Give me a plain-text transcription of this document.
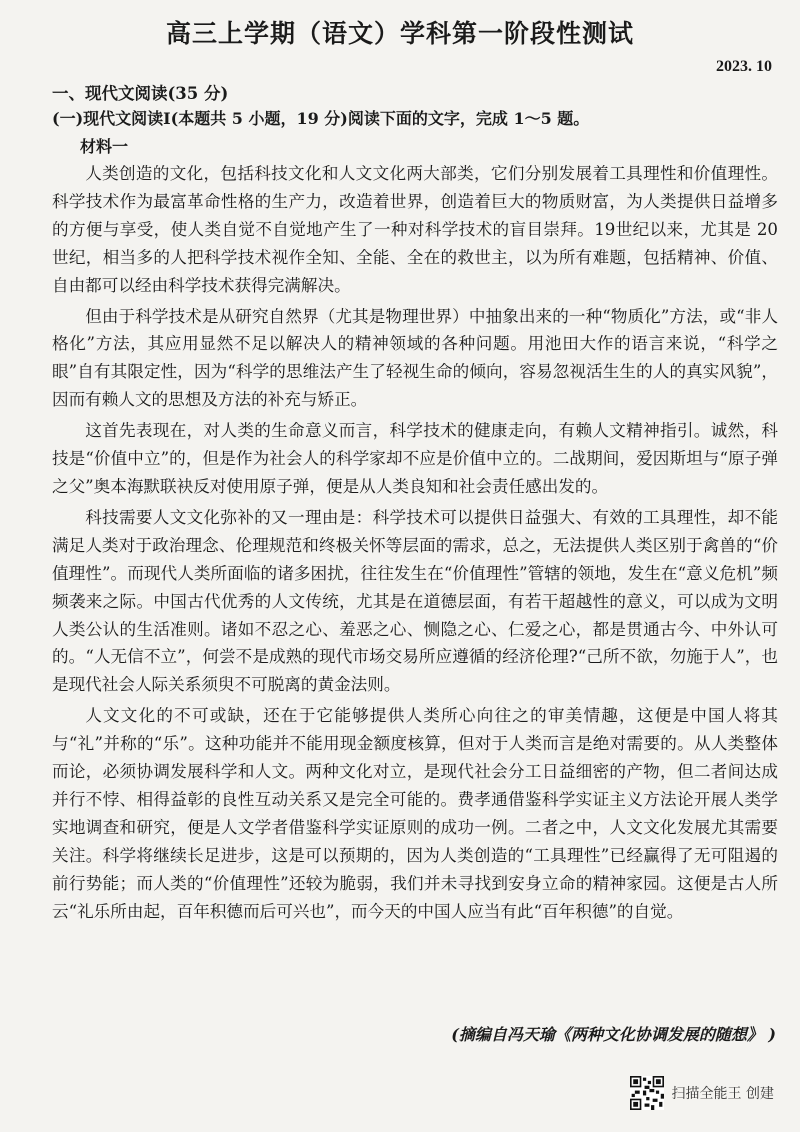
高三上学期（语文）学科第一阶段性测试
2023. 10
一、现代文阅读(35 分)
(一)现代文阅读Ⅰ(本题共 5 小题，19 分)阅读下面的文字，完成 1～5 题。
材料一

人类创造的文化，包括科技文化和人文文化两大部类，它们分别发展着工具理性和价值理性。科学技术作为最富革命性格的生产力，改造着世界，创造着巨大的物质财富，为人类提供日益增多的方便与享受，使人类自觉不自觉地产生了一种对科学技术的盲目崇拜。19世纪以来，尤其是 20 世纪，相当多的人把科学技术视作全知、全能、全在的救世主，以为所有难题，包括精神、价值、自由都可以经由科学技术获得完满解决。

但由于科学技术是从研究自然界（尤其是物理世界）中抽象出来的一种“物质化”方法，或“非人格化”方法，其应用显然不足以解决人的精神领域的各种问题。用池田大作的语言来说，“科学之眼”自有其限定性，因为“科学的思维法产生了轻视生命的倾向，容易忽视活生生的人的真实风貌”，因而有赖人文的思想及方法的补充与矫正。

这首先表现在，对人类的生命意义而言，科学技术的健康走向，有赖人文精神指引。诚然，科技是“价值中立”的，但是作为社会人的科学家却不应是价值中立的。二战期间，爱因斯坦与“原子弹之父”奥本海默联袂反对使用原子弹，便是从人类良知和社会责任感出发的。

科技需要人文文化弥补的又一理由是：科学技术可以提供日益强大、有效的工具理性，却不能满足人类对于政治理念、伦理规范和终极关怀等层面的需求，总之，无法提供人类区别于禽兽的“价值理性”。而现代人类所面临的诸多困扰，往往发生在“价值理性”管辖的领地，发生在“意义危机”频频袭来之际。中国古代优秀的人文传统，尤其是在道德层面，有若干超越性的意义，可以成为文明人类公认的生活准则。诸如不忍之心、羞恶之心、恻隐之心、仁爱之心，都是贯通古今、中外认可的。“人无信不立”，何尝不是成熟的现代市场交易所应遵循的经济伦理?“己所不欲，勿施于人”，也是现代社会人际关系须臾不可脱离的黄金法则。

人文文化的不可或缺，还在于它能够提供人类所心向往之的审美情趣，这便是中国人将其与“礼”并称的“乐”。这种功能并不能用现金额度核算，但对于人类而言是绝对需要的。从人类整体而论，必须协调发展科学和人文。两种文化对立，是现代社会分工日益细密的产物，但二者间达成并行不悖、相得益彰的良性互动关系又是完全可能的。费孝通借鉴科学实证主义方法论开展人类学实地调查和研究，便是人文学者借鉴科学实证原则的成功一例。二者之中，人文文化发展尤其需要关注。科学将继续长足进步，这是可以预期的，因为人类创造的“工具理性”已经赢得了无可阻遏的前行势能；而人类的“价值理性”还较为脆弱，我们并未寻找到安身立命的精神家园。这便是古人所云“礼乐所由起，百年积德而后可兴也”，而今天的中国人应当有此“百年积德”的自觉。

(摘编自冯天瑜《两种文化协调发展的随想》 )
扫描全能王 创建
